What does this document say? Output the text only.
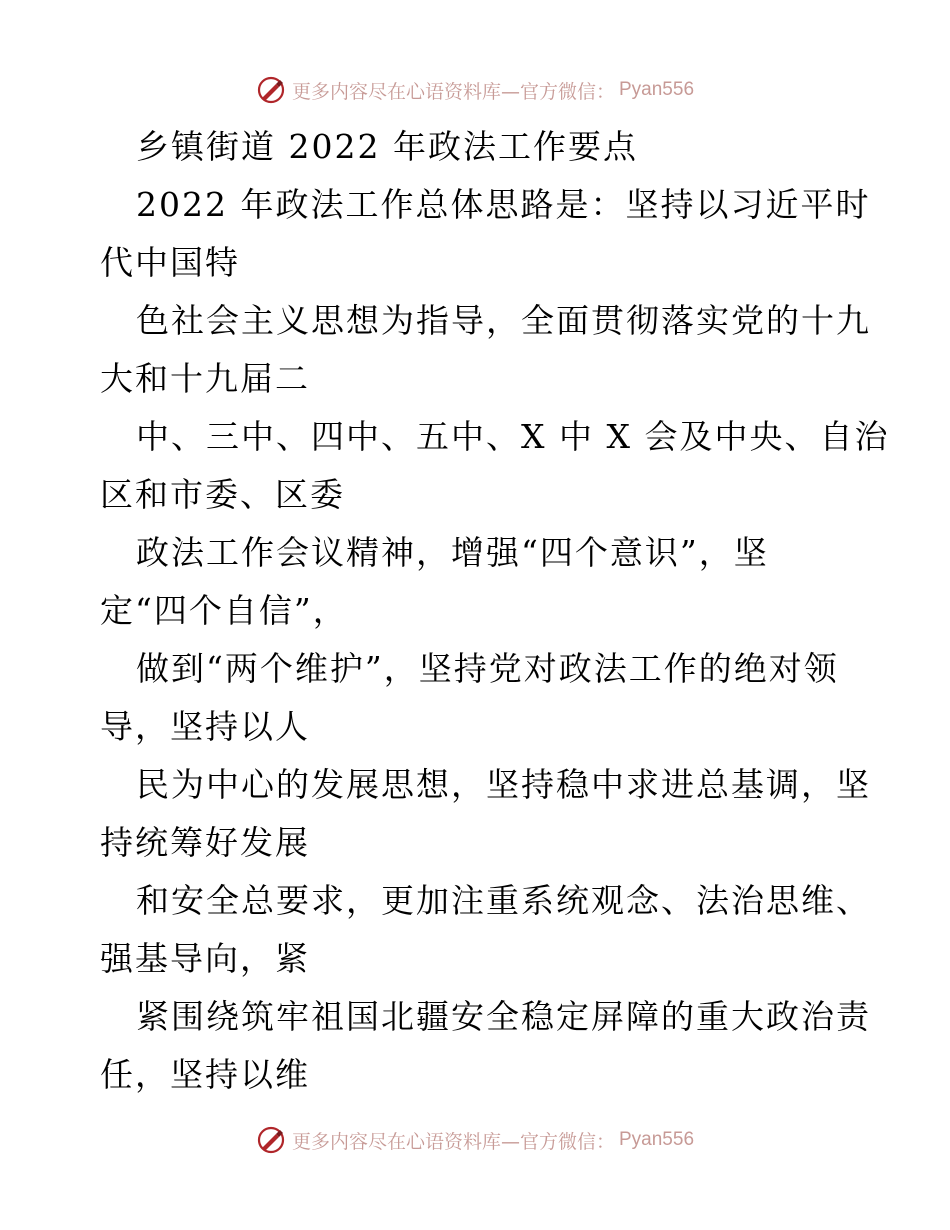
更多内容尽在心语资料库—官方微信： Pyan556
乡镇街道 2022 年政法工作要点
2022 年政法工作总体思路是：坚持以习近平时
代中国特
色社会主义思想为指导，全面贯彻落实党的十九
大和十九届二
中、三中、四中、五中、X 中 X 会及中央、自治
区和市委、区委
政法工作会议精神，增强“四个意识”，坚
定“四个自信”，
做到“两个维护”，坚持党对政法工作的绝对领
导，坚持以人
民为中心的发展思想，坚持稳中求进总基调，坚
持统筹好发展
和安全总要求，更加注重系统观念、法治思维、
强基导向，紧
紧围绕筑牢祖国北疆安全稳定屏障的重大政治责
任，坚持以维
更多内容尽在心语资料库—官方微信： Pyan556
